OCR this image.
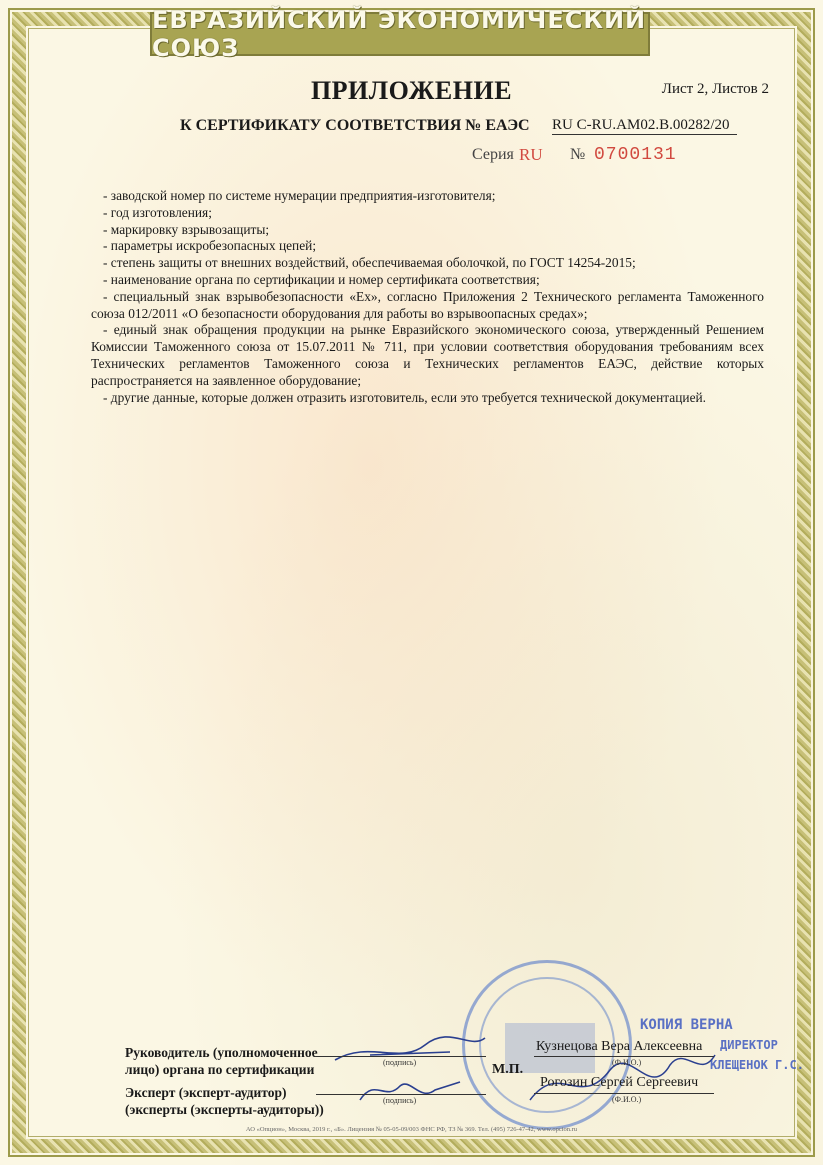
ЕВРАЗИЙСКИЙ ЭКОНОМИЧЕСКИЙ СОЮЗ
ПРИЛОЖЕНИЕ	Лист 2, Листов 2
К СЕРТИФИКАТУ СООТВЕТСТВИЯ № ЕАЭС RU C-RU.AM02.B.00282/20
Серия RU № 0700131

- заводской номер по системе нумерации предприятия-изготовителя;

- год изготовления;

- маркировку взрывозащиты;

- параметры искробезопасных цепей;

- степень защиты от внешних воздействий, обеспечиваемая оболочкой, по ГОСТ 14254-2015;

- наименование органа по сертификации и номер сертификата соответствия;

- специальный знак взрывобезопасности «Ex», согласно Приложения 2 Технического регламента Таможенного союза 012/2011 «О безопасности оборудования для работы во взрывоопасных средах»;

- единый знак обращения продукции на рынке Евразийского экономического союза, утвержденный Решением Комиссии Таможенного союза от 15.07.2011 № 711, при условии соответствия оборудования требованиям всех Технических регламентов Таможенного союза и Технических регламентов ЕАЭС, действие которых распространяется на заявленное оборудование;

- другие данные, которые должен отразить изготовитель, если это требуется технической документацией.

Руководитель (уполномоченное
лицо) органа по сертификации	(подпись)
Эксперт (эксперт-аудитор)
(эксперты (эксперты-аудиторы))
(подпись)
М.П.
Кузнецова Вера Алексеевна
(Ф.И.О.)
Рогозин Сергей Сергеевич
(Ф.И.О.)
КОПИЯ ВЕРНА
ДИРЕКТОР
КЛЕЩЕНОК Г.С.
АО «Опцион», Москва, 2019 г., «Б». Лицензия № 05-05-09/003 ФНС РФ, ТЗ № 369. Тел. (495) 726-47-42, www.opcion.ru
